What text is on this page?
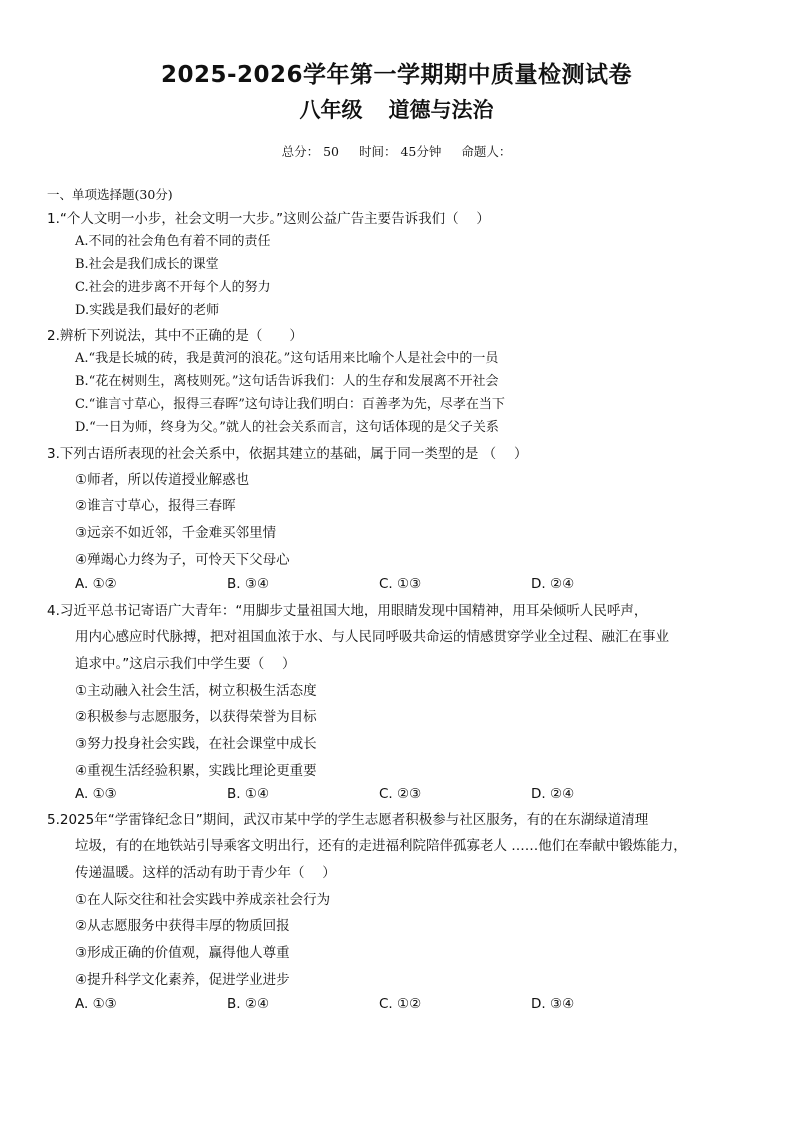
2025-2026学年第一学期期中质量检测试卷
八年级 道德与法治
总分： 50 时间： 45分钟 命题人：
一、单项选择题(30分)
1.“个人文明一小步，社会文明一大步。”这则公益广告主要告诉我们（　 ）
A.不同的社会角色有着不同的责任
B.社会是我们成长的课堂
C.社会的进步离不开每个人的努力
D.实践是我们最好的老师
2.辨析下列说法，其中不正确的是（　　）
A.“我是长城的砖，我是黄河的浪花。”这句话用来比喻个人是社会中的一员
B.“花在树则生，离枝则死。”这句话告诉我们：人的生存和发展离不开社会
C.“谁言寸草心，报得三春晖”这句诗让我们明白：百善孝为先，尽孝在当下
D.“一日为师，终身为父。”就人的社会关系而言，这句话体现的是父子关系
3.下列古语所表现的社会关系中，依据其建立的基础，属于同一类型的是 （　 ）
①师者，所以传道授业解惑也
②谁言寸草心，报得三春晖
③远亲不如近邻，千金难买邻里情
④殚竭心力终为子，可怜天下父母心
A. ①②	B. ③④	C. ①③	D. ②④
4.习近平总书记寄语广大青年：“用脚步丈量祖国大地，用眼睛发现中国精神，用耳朵倾听人民呼声，
用内心感应时代脉搏，把对祖国血浓于水、与人民同呼吸共命运的情感贯穿学业全过程、融汇在事业
追求中。”这启示我们中学生要（　 ）
①主动融入社会生活，树立积极生活态度
②积极参与志愿服务，以获得荣誉为目标
③努力投身社会实践，在社会课堂中成长
④重视生活经验积累，实践比理论更重要
A. ①③	B. ①④	C. ②③	D. ②④
5.2025年“学雷锋纪念日”期间，武汉市某中学的学生志愿者积极参与社区服务，有的在东湖绿道清理
垃圾，有的在地铁站引导乘客文明出行，还有的走进福利院陪伴孤寡老人 ……他们在奉献中锻炼能力，
传递温暖。这样的活动有助于青少年（　 ）
①在人际交往和社会实践中养成亲社会行为
②从志愿服务中获得丰厚的物质回报
③形成正确的价值观，赢得他人尊重
④提升科学文化素养，促进学业进步
A. ①③	B. ②④	C. ①②	D. ③④
